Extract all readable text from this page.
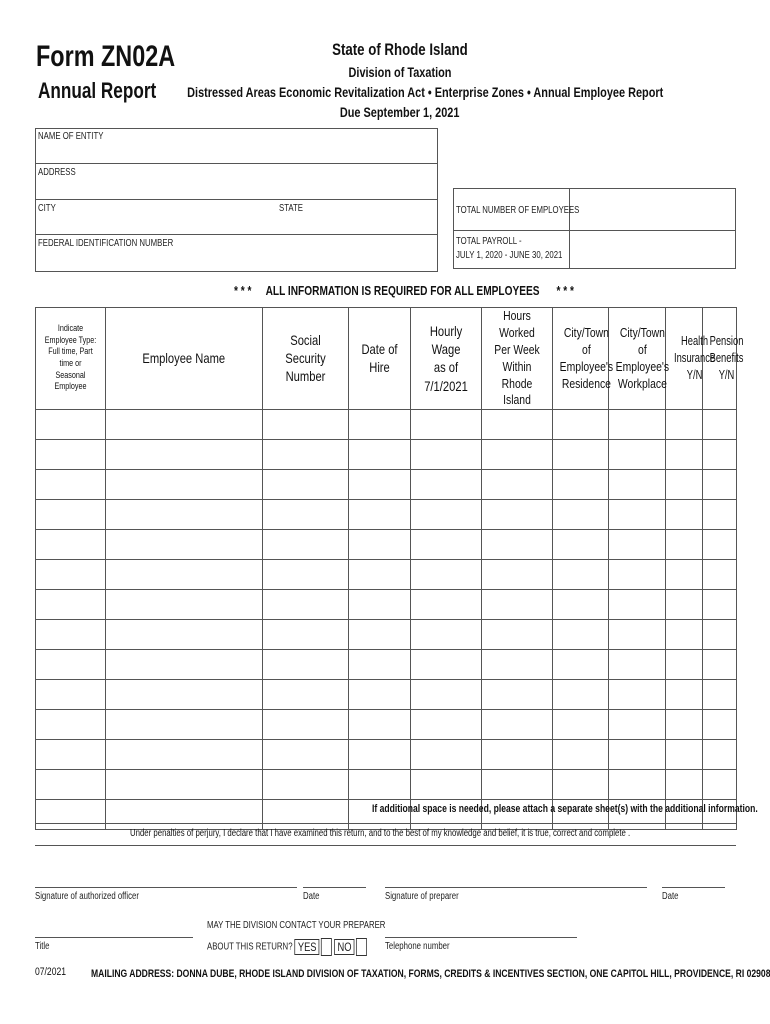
Form ZN02A
Annual Report
State of Rhode Island
Division of Taxation
Distressed Areas Economic Revitalization Act • Enterprise Zones • Annual Employee Report
Due September 1, 2021
NAME OF ENTITY
ADDRESS
CITY	STATE
FEDERAL IDENTIFICATION NUMBER
TOTAL NUMBER OF EMPLOYEES
TOTAL PAYROLL -
JULY 1, 2020 - JUNE 30, 2021
* * * ALL INFORMATION IS REQUIRED FOR ALL EMPLOYEES * * *
Indicate
Employee Type:
Full time, Part time or
Seasonal Employee	Employee Name	Social Security
Number	Date of Hire	Hourly Wage
as of 7/1/2021	Hours Worked
Per Week Within
Rhode Island	City/Town of
Employee's
Residence	City/Town of
Employee's
Workplace	Health
Insurance
Y/N	Pension
Benefits
Y/N

If additional space is needed, please attach a separate sheet(s) with the additional information.
Under penalties of perjury, I declare that I have examined this return, and to the best of my knowledge and belief, it is true, correct and complete .
Signature of authorized officer	Date	Signature of preparer	Date
Title
MAY THE DIVISION CONTACT YOUR PREPARER
ABOUT THIS RETURN? YES NO	Telephone number
07/2021 MAILING ADDRESS: DONNA DUBE, RHODE ISLAND DIVISION OF TAXATION, FORMS, CREDITS & INCENTIVES SECTION, ONE CAPITOL HILL, PROVIDENCE, RI 02908
